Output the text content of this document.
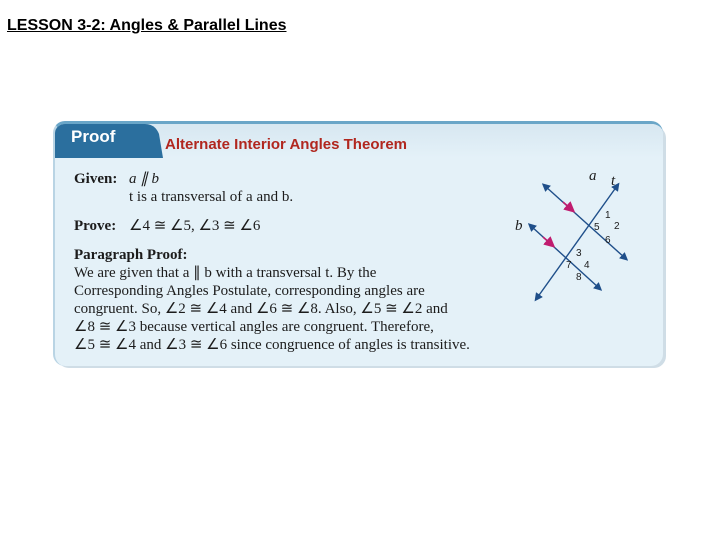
LESSON 3-2: Angles & Parallel Lines
Proof	Alternate Interior Angles Theorem
Given: a ∥ b
t is a transversal of a and b.
Prove: ∠4 ≅ ∠5, ∠3 ≅ ∠6
Paragraph Proof:
We are given that a ∥ b with a transversal t. By the
Corresponding Angles Postulate, corresponding angles are
congruent. So, ∠2 ≅ ∠4 and ∠6 ≅ ∠8. Also, ∠5 ≅ ∠2 and
∠8 ≅ ∠3 because vertical angles are congruent. Therefore,
∠5 ≅ ∠4 and ∠3 ≅ ∠6 since congruence of angles is transitive.
a
b
1
5 2
6
3
7 4
8
t
